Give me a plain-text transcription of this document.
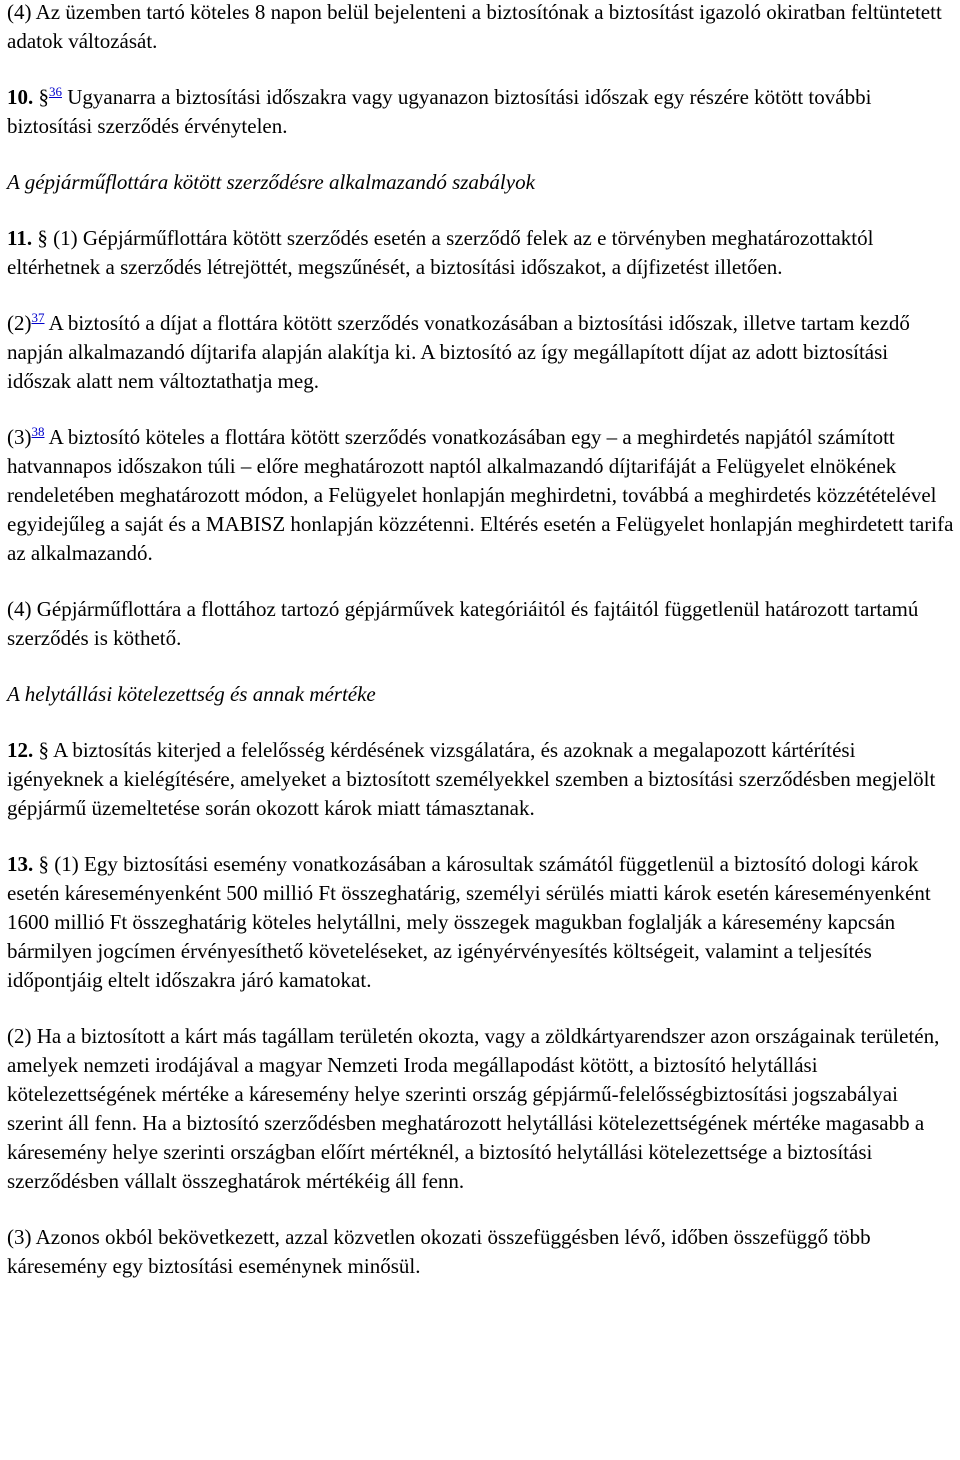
(4) Az üzemben tartó köteles 8 napon belül bejelenteni a biztosítónak a biztosítást igazoló okiratban feltüntetett adatok változását.

10. §$^{36}$ Ugyanarra a biztosítási időszakra vagy ugyanazon biztosítási időszak egy részére kötött további biztosítási szerződés érvénytelen.

A gépjárműflottára kötött szerződésre alkalmazandó szabályok

11. § (1) Gépjárműflottára kötött szerződés esetén a szerződő felek az e törvényben meghatározottaktól eltérhetnek a szerződés létrejöttét, megszűnését, a biztosítási időszakot, a díjfizetést illetően.

(2)$^{37}$ A biztosító a díjat a flottára kötött szerződés vonatkozásában a biztosítási időszak, illetve tartam kezdő napján alkalmazandó díjtarifa alapján alakítja ki. A biztosító az így megállapított díjat az adott biztosítási időszak alatt nem változtathatja meg.

(3)$^{38}$ A biztosító köteles a flottára kötött szerződés vonatkozásában egy – a meghirdetés napjától számított hatvannapos időszakon túli – előre meghatározott naptól alkalmazandó díjtarifáját a Felügyelet elnökének rendeletében meghatározott módon, a Felügyelet honlapján meghirdetni, továbbá a meghirdetés közzétételével egyidejűleg a saját és a MABISZ honlapján közzétenni. Eltérés esetén a Felügyelet honlapján meghirdetett tarifa az alkalmazandó.

(4) Gépjárműflottára a flottához tartozó gépjárművek kategóriáitól és fajtáitól függetlenül határozott tartamú szerződés is köthető.

A helytállási kötelezettség és annak mértéke

12. § A biztosítás kiterjed a felelősség kérdésének vizsgálatára, és azoknak a megalapozott kártérítési igényeknek a kielégítésére, amelyeket a biztosított személyekkel szemben a biztosítási szerződésben megjelölt gépjármű üzemeltetése során okozott károk miatt támasztanak.

13. § (1) Egy biztosítási esemény vonatkozásában a károsultak számától függetlenül a biztosító dologi károk esetén káreseményenként 500 millió Ft összeghatárig, személyi sérülés miatti károk esetén káreseményenként 1600 millió Ft összeghatárig köteles helytállni, mely összegek magukban foglalják a káresemény kapcsán bármilyen jogcímen érvényesíthető követeléseket, az igényérvényesítés költségeit, valamint a teljesítés időpontjáig eltelt időszakra járó kamatokat.

(2) Ha a biztosított a kárt más tagállam területén okozta, vagy a zöldkártyarendszer azon országainak területén, amelyek nemzeti irodájával a magyar Nemzeti Iroda megállapodást kötött, a biztosító helytállási kötelezettségének mértéke a káresemény helye szerinti ország gépjármű-felelősségbiztosítási jogszabályai szerint áll fenn. Ha a biztosító szerződésben meghatározott helytállási kötelezettségének mértéke magasabb a káresemény helye szerinti országban előírt mértéknél, a biztosító helytállási kötelezettsége a biztosítási szerződésben vállalt összeghatárok mértékéig áll fenn.

(3) Azonos okból bekövetkezett, azzal közvetlen okozati összefüggésben lévő, időben összefüggő több káresemény egy biztosítási eseménynek minősül.
